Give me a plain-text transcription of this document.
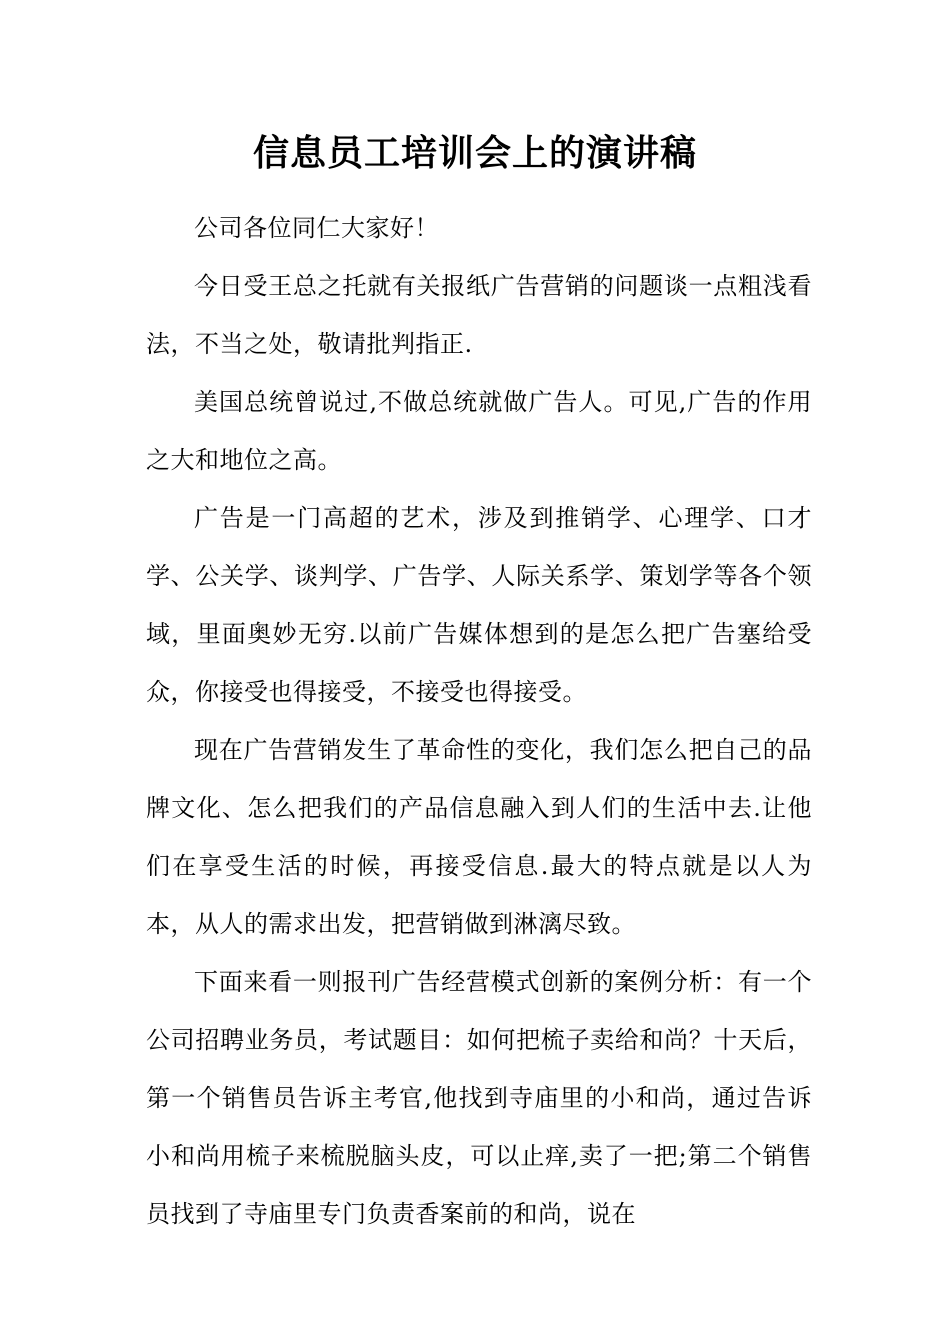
信息员工培训会上的演讲稿

公司各位同仁大家好！

今日受王总之托就有关报纸广告营销的问题谈一点粗浅看法，不当之处，敬请批判指正.

美国总统曾说过,不做总统就做广告人。可见,广告的作用之大和地位之高。

广告是一门高超的艺术，涉及到推销学、心理学、口才学、公关学、谈判学、广告学、人际关系学、策划学等各个领域，里面奥妙无穷.以前广告媒体想到的是怎么把广告塞给受众，你接受也得接受，不接受也得接受。

现在广告营销发生了革命性的变化，我们怎么把自己的品牌文化、怎么把我们的产品信息融入到人们的生活中去.让他们在享受生活的时候，再接受信息.最大的特点就是以人为本，从人的需求出发，把营销做到淋漓尽致。

下面来看一则报刊广告经营模式创新的案例分析：有一个公司招聘业务员，考试题目：如何把梳子卖给和尚？十天后，第一个销售员告诉主考官,他找到寺庙里的小和尚，通过告诉小和尚用梳子来梳脱脑头皮，可以止痒,卖了一把;第二个销售员找到了寺庙里专门负责香案前的和尚，说在
